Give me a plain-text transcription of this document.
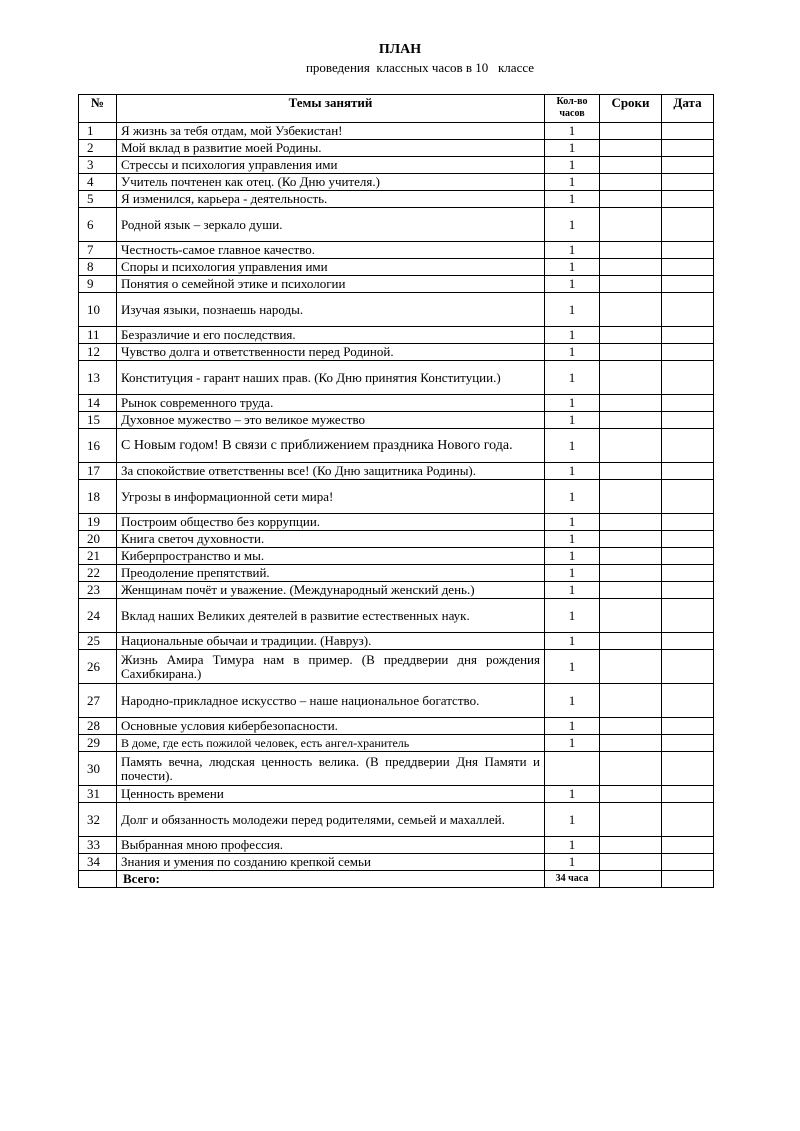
ПЛАН
проведения  классных часов в 10   классе
№	Темы занятий	Кол-во часов	Сроки	Дата
1	Я жизнь за тебя отдам, мой Узбекистан!	1		
2	Мой вклад в развитие моей Родины.	1		
3	Стрессы и психология управления ими	1		
4	Учитель почтенен как отец. (Ко Дню учителя.)	1		
5	Я изменился, карьера - деятельность.	1		
6	Родной язык – зеркало души.	1		
7	Честность-самое главное качество.	1		
8	Споры и психология управления ими	1		
9	Понятия о семейной этике и психологии	1		
10	Изучая языки, познаешь народы.	1		
11	Безразличие и его последствия.	1		
12	Чувство долга и ответственности перед Родиной.	1		
13	Конституция - гарант наших прав. (Ко Дню принятия Конституции.)	1		
14	Рынок современного труда.	1		
15	Духовное мужество – это великое мужество	1		
16	С Новым годом! В связи с приближением праздника Нового года.	1		
17	За спокойствие ответственны все! (Ко Дню защитника Родины).	1		
18	Угрозы в информационной сети мира!	1		
19	Построим общество без коррупции.	1		
20	Книга светоч духовности.	1		
21	Киберпространство и мы.	1		
22	Преодоление препятствий.	1		
23	Женщинам почёт и уважение. (Международный женский день.)	1		
24	Вклад наших Великих деятелей в развитие естественных наук.	1		
25	Национальные обычаи и традиции. (Навруз).	1		
26	Жизнь Амира Тимура нам в пример. (В преддверии дня рождения Сахибкирана.)	1		
27	Народно-прикладное искусство – наше национальное богатство.	1		
28	Основные условия кибербезопасности.	1		
29	В доме, где есть пожилой человек, есть ангел-хранитель	1		
30	Память вечна, людская ценность велика. (В преддверии Дня Памяти и почести).			
31	Ценность времени	1		
32	Долг и обязанность молодежи перед родителями, семьей и махаллей.	1		
33	Выбранная мною профессия.	1		
34	Знания и умения по созданию крепкой семьи	1		
	Всего:	34 часа		
